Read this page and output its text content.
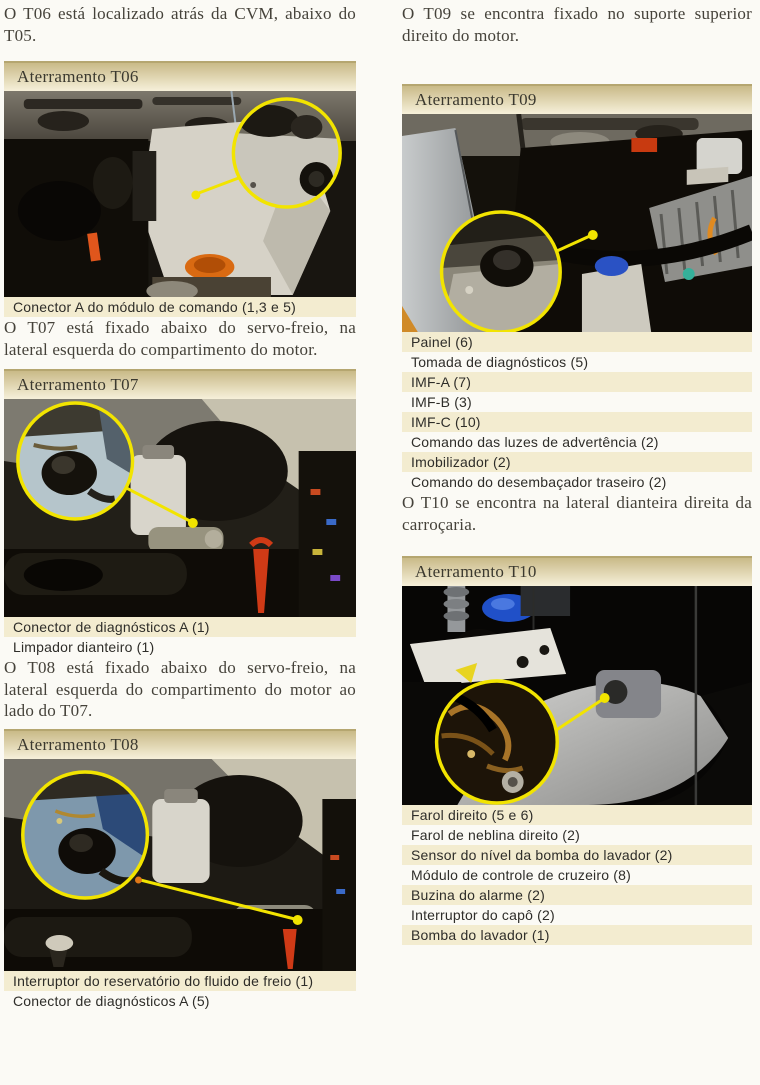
O T06 está localizado atrás da CVM, abaixo do T05.

Aterramento T06
Conector A do módulo de comando (1,3 e 5)

O T07 está fixado abaixo do servo-freio, na lateral esquerda do compartimento do motor.

Aterramento T07
Conector de diagnósticos A (1)
Limpador dianteiro (1)

O T08 está fixado abaixo do servo-freio, na lateral esquerda do compartimento do motor ao lado do T07.

Aterramento T08
Interruptor do reservatório do fluido de freio (1)
Conector de diagnósticos A (5)

O T09 se encontra fixado no suporte superior direito do motor.

Aterramento T09
Painel (6)
Tomada de diagnósticos (5)
IMF-A (7)
IMF-B (3)
IMF-C (10)
Comando das luzes de advertência (2)
Imobilizador (2)
Comando do desembaçador traseiro (2)

O T10 se encontra na lateral dianteira direita da carroçaria.

Aterramento T10
Farol direito (5 e 6)
Farol de neblina direito (2)
Sensor do nível da bomba do lavador (2)
Módulo de controle de cruzeiro (8)
Buzina do alarme (2)
Interruptor do capô (2)
Bomba do lavador (1)
